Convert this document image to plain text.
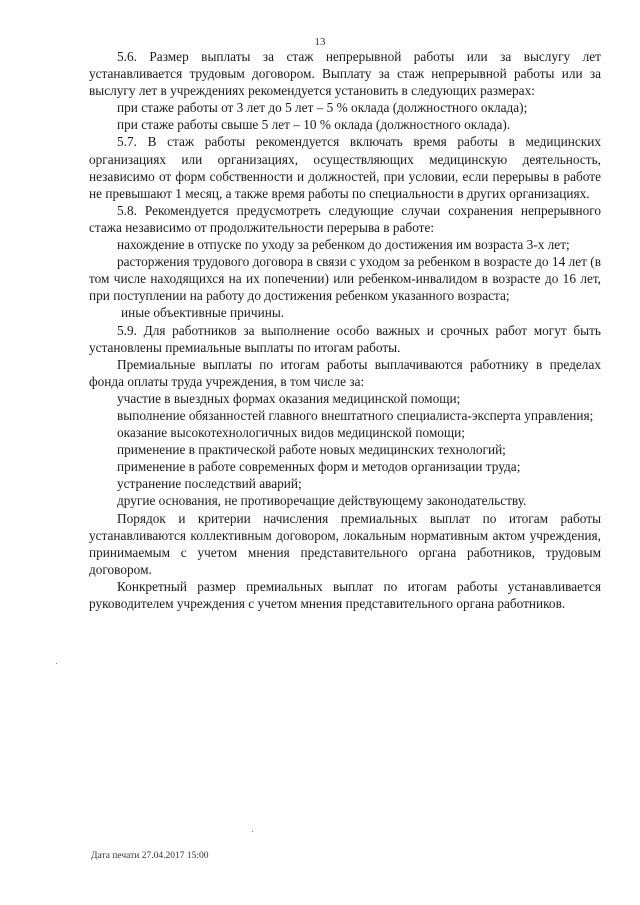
13

5.6. Размер выплаты за стаж непрерывной работы или за выслугу лет устанавливается трудовым договором. Выплату за стаж непрерывной работы или за выслугу лет в учреждениях рекомендуется установить в следующих размерах:

при стаже работы от 3 лет до 5 лет – 5 % оклада (должностного оклада);

при стаже работы свыше 5 лет – 10 % оклада (должностного оклада).

5.7. В стаж работы рекомендуется включать время работы в медицинских организациях или организациях, осуществляющих медицинскую деятельность, независимо от форм собственности и должностей, при условии, если перерывы в работе не превышают 1 месяц, а также время работы по специальности в других организациях.

5.8. Рекомендуется предусмотреть следующие случаи сохранения непрерывного стажа независимо от продолжительности перерыва в работе:

нахождение в отпуске по уходу за ребенком до достижения им возраста 3-х лет;

расторжения трудового договора в связи с уходом за ребенком в возрасте до 14 лет (в том числе находящихся на их попечении) или ребенком-инвалидом в возрасте до 16 лет, при поступлении на работу до достижения ребенком указанного возраста;

иные объективные причины.

5.9. Для работников за выполнение особо важных и срочных работ могут быть установлены премиальные выплаты по итогам работы.

Премиальные выплаты по итогам работы выплачиваются работнику в пределах фонда оплаты труда учреждения, в том числе за:

участие в выездных формах оказания медицинской помощи;

выполнение обязанностей главного внештатного специалиста-эксперта управления;

оказание высокотехнологичных видов медицинской помощи;

применение в практической работе новых медицинских технологий;

применение в работе современных форм и методов организации труда;

устранение последствий аварий;

другие основания, не противоречащие действующему законодательству.

Порядок и критерии начисления премиальных выплат по итогам работы устанавливаются коллективным договором, локальным нормативным актом учреждения, принимаемым с учетом мнения представительного органа работников, трудовым договором.

Конкретный размер премиальных выплат по итогам работы устанавливается руководителем учреждения с учетом мнения представительного органа работников.

Дата печати 27.04.2017 15:00
